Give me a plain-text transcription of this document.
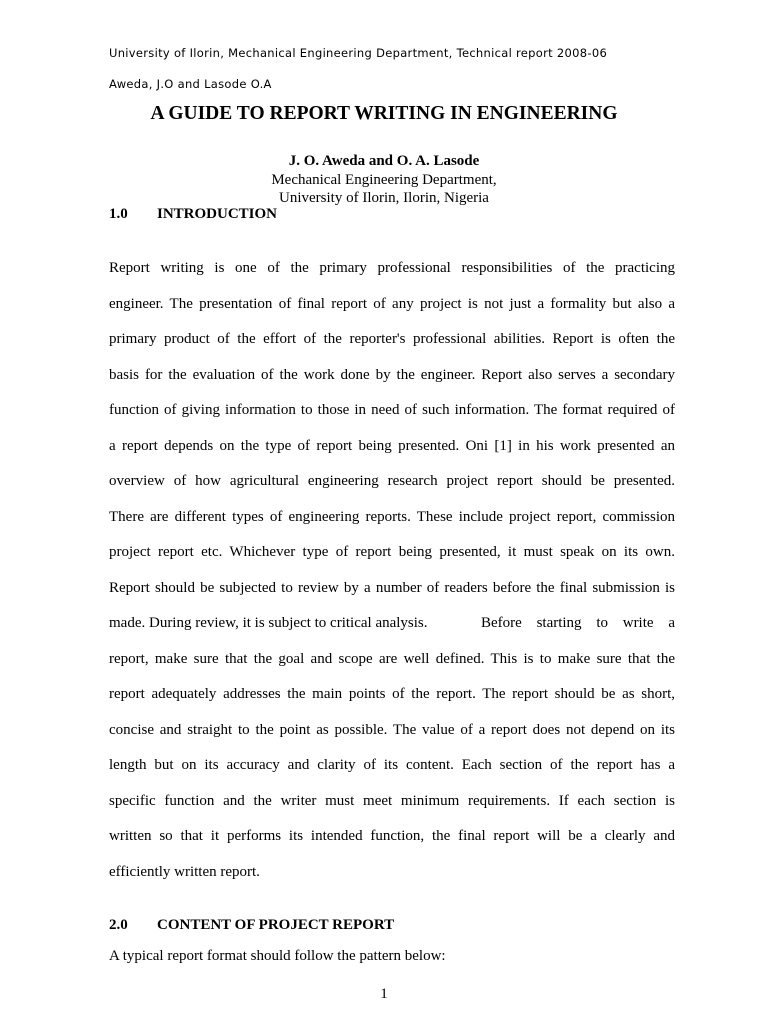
University of Ilorin, Mechanical Engineering Department, Technical report 2008-06
Aweda, J.O and Lasode O.A
A GUIDE TO REPORT WRITING IN ENGINEERING
J. O. Aweda and O. A. Lasode
Mechanical Engineering Department,
University of Ilorin, Ilorin, Nigeria
1.0 INTRODUCTION
Report writing is one of the primary professional responsibilities of the practicing
engineer. The presentation of final report of any project is not just a formality but also a
primary product of the effort of the reporter's professional abilities. Report is often the
basis for the evaluation of the work done by the engineer. Report also serves a secondary
function of giving information to those in need of such information. The format required of
a report depends on the type of report being presented. Oni [1] in his work presented an
overview of how agricultural engineering research project report should be presented.
There are different types of engineering reports. These include project report, commission
project report etc. Whichever type of report being presented, it must speak on its own.
Report should be subjected to review by a number of readers before the final submission is
made. During review, it is subject to critical analysis.	Before starting to write a
report, make sure that the goal and scope are well defined. This is to make sure that the
report adequately addresses the main points of the report. The report should be as short,
concise and straight to the point as possible. The value of a report does not depend on its
length but on its accuracy and clarity of its content. Each section of the report has a
specific function and the writer must meet minimum requirements. If each section is
written so that it performs its intended function, the final report will be a clearly and
efficiently written report.
2.0 CONTENT OF PROJECT REPORT
A typical report format should follow the pattern below:
1
